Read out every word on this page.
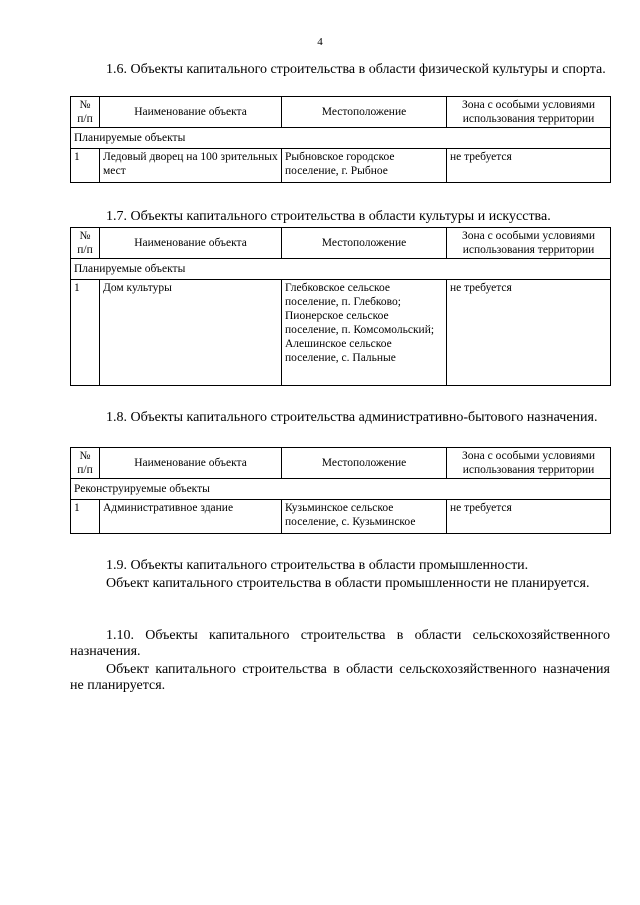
4
1.6. Объекты капитального строительства в области физической культуры и спорта.
№ п/п	Наименование объекта	Местоположение	Зона с особыми условиями использования территории
Планируемые объекты			
1	Ледовый дворец на 100 зрительных мест	Рыбновское городское поселение, г. Рыбное	не требуется
1.7. Объекты капитального строительства в области культуры и искусства.
№ п/п	Наименование объекта	Местоположение	Зона с особыми условиями использования территории
Планируемые объекты			
1	Дом культуры	Глебковское сельское поселение, п. Глебково; Пионерское сельское поселение, п. Комсомольский; Алешинское сельское поселение, с. Пальные	не требуется
1.8. Объекты капитального строительства административно-бытового назначения.
№ п/п	Наименование объекта	Местоположение	Зона с особыми условиями использования территории
Реконструируемые объекты			
1	Административное здание	Кузьминское сельское поселение, с. Кузьминское	не требуется
1.9. Объекты капитального строительства в области промышленности.
Объект капитального строительства в области промышленности не планируется.
1.10. Объекты капитального строительства в области сельскохозяйственного назначения.
Объект капитального строительства в области сельскохозяйственного назначения не планируется.
